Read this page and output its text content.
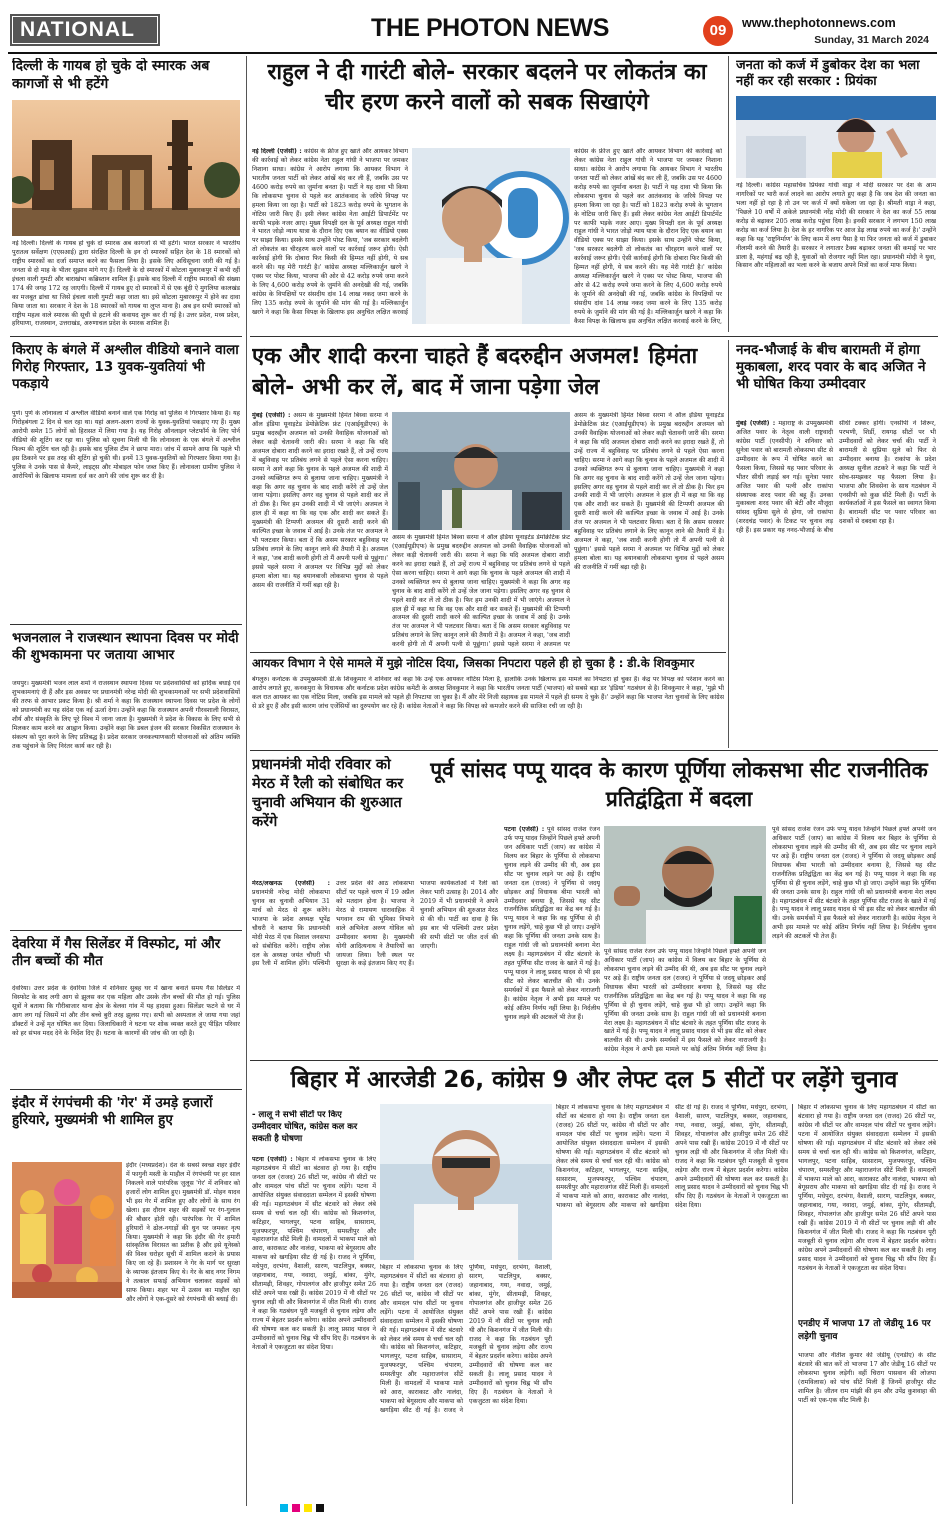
NATIONAL	THE PHOTON NEWS	09	www.thephotonnews.com
Sunday, 31 March 2024
दिल्ली के गायब हो चुके दो स्मारक अब कागजों से भी हटेंगे
नई दिल्ली। दिल्ली के गायब हो चुके दो स्मारक अब कागजों से भी हटेंगे। भारत सरकार ने भारतीय पुरातत्व सर्वेक्षण (एएसआई) द्वारा संरक्षित दिल्ली के इन दो स्मारकों सहित देश के 18 स्मारकों को राष्ट्रीय स्मारकों का दर्जा समाप्त करने का फैसला लिया है। इसके लिए अधिसूचना जारी की गई है। जनता से दो माह के भीतर सुझाव मांगे गए हैं। दिल्ली के दो स्मारकों में कोटला मुबारकपुर में कभी रहीं इंचला वाली गुमटी और बाराखंभा कब्रिस्तान शामिल हैं। इसके बाद दिल्ली में राष्ट्रीय स्मारकों की संख्या 174 की जगह 172 रह जाएगी। दिल्ली में गायब हुए दो स्मारकों में से एक बूंदी ऐ मुगलिया कालखंड का मजबूत ढांचा था जिसे इंचला वाली गुमटी कहा जाता था। इसे कोटला मुबारकपुर में होने का दावा किया जाता था। सरकार ने देश के 18 स्मारकों को गायब या लुप्त माना है। अब इन सभी स्मारकों को राष्ट्रीय महत्व वाले स्मारक की सूची से हटाने की कवायद शुरू कर दी गई है। उत्तर प्रदेश, मध्य प्रदेश, हरियाणा, राजस्थान, उत्तराखंड, अरुणाचल प्रदेश के स्मारक शामिल हैं।
किराए के बंगले में अश्लील वीडियो बनाने वाला गिरोह गिरफ्तार, 13 युवक-युवतियां भी पकड़ाये
पुणे। पुणे के लोनावला में अश्लील वीडियो बनाने वाले एक गिरोह को पुलिस ने गिरफ्तार किया है। यह गिरोहबंगला 2 दिन से चल रहा था। यहां अलग-अलग राज्यों के युवक-युवतियां पकड़ाए गए हैं। मुख्य आरोपी समेत 15 लोगों को हिरासत में लिया गया है। यह गिरोह ऑनलाइन प्लेटफॉर्म के लिए पोर्न वीडियो की शूटिंग कर रहा था। पुलिस को सूचना मिली थी कि लोनावला के एक बंगले में अश्लील फिल्म की शूटिंग चल रही है। इसके बाद पुलिस टीम ने छापा मारा। जांच में सामने आया कि पहले भी इस ठिकाने पर इस तरह की शूटिंग हो चुकी थी। इनमें 13 युवक-युवतियों को गिरफ्तार किया गया है। पुलिस ने उनके पास से कैमरे, लाइट्स और मोबाइल फोन जब्त किए हैं। लोनावला ग्रामीण पुलिस ने आरोपियों के खिलाफ मामला दर्ज कर आगे की जांच शुरू कर दी है।
भजनलाल ने राजस्थान स्थापना दिवस पर मोदी की शुभकामना पर जताया आभार
जयपुर। मुख्यमंत्री भजन लाल शर्मा ने राजस्थान स्थापना दिवस पर प्रदेशवासियों को हार्दिक बधाई एवं शुभकामनाएं दी हैं और इस अवसर पर प्रधानमंत्री नरेन्द्र मोदी की शुभकामनाओं पर सभी प्रदेशवासियों की तरफ से आभार प्रकट किया है। श्री शर्मा ने कहा कि राजस्थान स्थापना दिवस पर प्रदेश के लोगों को प्रधानमंत्री का यह संदेश एक नई ऊर्जा देगा। उन्होंने कहा कि राजस्थान अपनी गौरवशाली विरासत, शौर्य और संस्कृति के लिए पूरे विश्व में जाना जाता है। मुख्यमंत्री ने प्रदेश के विकास के लिए सभी से मिलकर काम करने का आह्वान किया। उन्होंने कहा कि डबल इंजन की सरकार विकसित राजस्थान के संकल्प को पूरा करने के लिए प्रतिबद्ध है। प्रदेश सरकार जनकल्याणकारी योजनाओं को अंतिम व्यक्ति तक पहुंचाने के लिए निरंतर कार्य कर रही है।
देवरिया में गैस सिलेंडर में विस्फोट, मां और तीन बच्चों की मौत
देवरिया। उत्तर प्रदेश के देवरिया जिले में शनिवार सुबह घर में खाना बनाते समय गैस सिलेंडर में विस्फोट के बाद लगी आग से झुलस कर एक महिला और उसके तीन बच्चों की मौत हो गई। पुलिस सूत्रों ने बताया कि गौरीबाजार थाना क्षेत्र के बेलवा गांव में यह हादसा हुआ। सिलेंडर फटने से घर में आग लग गई जिसमें मां और तीन बच्चे बुरी तरह झुलस गए। सभी को अस्पताल ले जाया गया जहां डॉक्टरों ने उन्हें मृत घोषित कर दिया। जिलाधिकारी ने घटना पर शोक व्यक्त करते हुए पीड़ित परिवार को हर संभव मदद देने के निर्देश दिए हैं। घटना के कारणों की जांच की जा रही है।
इंदौर में रंगपंचमी की 'गेर' में उमड़े हजारों हुरियारे, मुख्यमंत्री भी शामिल हुए
इंदौर (मध्यप्रदेश)। देश के सबसे स्वच्छ शहर इंदौर में फागुनी मस्ती के माहौल में रंगपंचमी पर हर साल निकलने वाले पारंपरिक जुलूस 'गेर' में शनिवार को हजारों लोग शामिल हुए। मुख्यमंत्री डॉ. मोहन यादव भी इस गेर में शामिल हुए और लोगों के साथ रंग खेला। इस दौरान शहर की सड़कों पर रंग-गुलाल की बौछार होती रही। पारंपरिक गेर में शामिल हुरियारों ने ढोल-नगाड़ों की धुन पर जमकर नृत्य किया। मुख्यमंत्री ने कहा कि इंदौर की गेर हमारी सांस्कृतिक विरासत का प्रतीक है और इसे यूनेस्को की विश्व धरोहर सूची में शामिल कराने के प्रयास किए जा रहे हैं। प्रशासन ने गेर के मार्ग पर सुरक्षा के व्यापक इंतजाम किए थे। गेर के बाद नगर निगम ने तत्काल सफाई अभियान चलाकर सड़कों को साफ किया। शहर भर में उत्सव का माहौल रहा और लोगों ने एक-दूसरे को रंगपंचमी की बधाई दी।
राहुल ने दी गारंटी बोले- सरकार बदलने पर लोकतंत्र का चीर हरण करने वालों को सबक सिखाएंगे
नई दिल्ली (एजेंसी) : कांग्रेस के फ्रीज हुए खाते और आयकर विभाग की कार्रवाई को लेकर कांग्रेस नेता राहुल गांधी ने भाजपा पर जमकर निशाना साधा। कांग्रेस ने आरोप लगाया कि आयकर विभाग ने भारतीय जनता पार्टी को लेकर आंखें बंद कर ली हैं, जबकि उस पर 4600 करोड़ रुपये का जुर्माना बनता है। पार्टी ने यह दावा भी किया कि लोकसभा चुनाव से पहले कर आतंकवाद के जरिये विपक्ष पर हमला किया जा रहा है। पार्टी को 1823 करोड़ रुपये के भुगतान के नोटिस जारी किए हैं। इसी लेकर कांग्रेस नेता आईटी डिपार्टमेंट पर काफी भड़के नजर आए। मुख्य विपक्षी दल के पूर्व अध्यक्ष राहुल गांधी ने भारत जोड़ो न्याय यात्रा के दौरान दिए एक बयान का वीडियो एक्स पर साझा किया। इसके साथ उन्होंने पोस्ट किया, 'जब सरकार बदलेगी तो लोकतंत्र का चीरहरण करने वालों पर कार्रवाई जरूर होगी। ऐसी कार्रवाई होगी कि दोबारा फिर किसी की हिम्मत नहीं होगी, ये सब करने की। यह मेरी गारंटी है।' कांग्रेस अध्यक्ष मल्लिकार्जुन खरगे ने एक्स पर पोस्ट किया, भाजपा की ओर से 42 करोड़ रुपये जमा करने के लिए 4,600 करोड़ रुपये के जुर्माने की अनदेखी की गई, जबकि कांग्रेस के विपक्षियों पर संसदीय दांव 14 लाख नकद जमा करने के लिए 135 करोड़ रुपये के जुर्माने की मांग की गई है। मल्लिकार्जुन खरगे ने कहा कि कैसा विपक्ष के खिलाफ इस अनुचित लक्षित करवाई
कांग्रेस के फ्रीज हुए खाते और आयकर विभाग की कार्रवाई को लेकर कांग्रेस नेता राहुल गांधी ने भाजपा पर जमकर निशाना साधा। कांग्रेस ने आरोप लगाया कि आयकर विभाग ने भारतीय जनता पार्टी को लेकर आंखें बंद कर ली हैं, जबकि उस पर 4600 करोड़ रुपये का जुर्माना बनता है। पार्टी ने यह दावा भी किया कि लोकसभा चुनाव से पहले कर आतंकवाद के जरिये विपक्ष पर हमला किया जा रहा है। पार्टी को 1823 करोड़ रुपये के भुगतान के नोटिस जारी किए हैं। इसी लेकर कांग्रेस नेता आईटी डिपार्टमेंट पर काफी भड़के नजर आए। मुख्य विपक्षी दल के पूर्व अध्यक्ष राहुल गांधी ने भारत जोड़ो न्याय यात्रा के दौरान दिए एक बयान का वीडियो एक्स पर साझा किया। इसके साथ उन्होंने पोस्ट किया, 'जब सरकार बदलेगी तो लोकतंत्र का चीरहरण करने वालों पर कार्रवाई जरूर होगी। ऐसी कार्रवाई होगी कि दोबारा फिर किसी की हिम्मत नहीं होगी, ये सब करने की। यह मेरी गारंटी है।' कांग्रेस अध्यक्ष मल्लिकार्जुन खरगे ने एक्स पर पोस्ट किया, भाजपा की ओर से 42 करोड़ रुपये जमा करने के लिए 4,600 करोड़ रुपये के जुर्माने की अनदेखी की गई, जबकि कांग्रेस के विपक्षियों पर संसदीय दांव 14 लाख नकद जमा करने के लिए 135 करोड़ रुपये के जुर्माने की मांग की गई है। मल्लिकार्जुन खरगे ने कहा कि कैसा विपक्ष के खिलाफ इस अनुचित लक्षित करवाई करने के लिए,
जनता को कर्ज में डुबोकर देश का भला नहीं कर रही सरकार : प्रियंका
नई दिल्ली। कांग्रेस महासचिव प्रियंका गांधी वाड्रा ने मोदी सरकार पर देश के आम नागरिकों पर भारी कर्ज लादने का आरोप लगाते हुए कहा है कि जब देश की जनता का भला नहीं हो रहा है तो उन पर कर्ज में क्यों धकेला जा रहा है। श्रीमती वाड्रा ने कहा, 'पिछले 10 वर्षों में अकेले प्रधानमंत्री नरेंद्र मोदी की सरकार ने देश का कर्ज 55 लाख करोड़ से बढ़ाकर 205 लाख करोड़ पहुंचा दिया है। इनकी सरकार ने लगभग 150 लाख करोड़ का कर्ज लिया है। देश के हर नागरिक पर आज डेढ़ लाख रुपये का कर्ज है।' उन्होंने कहा कि यह 'राष्ट्रनिर्माण' के लिए काम में लगा पैसा है या फिर जनता को कर्ज में डुबाकर नीलामी करने की तैयारी है। सरकार ने लगातार टैक्स बढ़ाकर जनता की कमाई पर भार डाला है, महंगाई बढ़ रही है, युवाओं को रोजगार नहीं मिल रहा। प्रधानमंत्री मोदी ने युवा, किसान और महिलाओं का भला करने के बजाय अपने मित्रों का कर्ज माफ किया।
एक और शादी करना चाहते हैं बदरुद्दीन अजमल! हिमंता बोले- अभी कर लें, बाद में जाना पड़ेगा जेल
मुंबई (एजेंसी) : असम के मुख्यमंत्री हिमंत बिस्वा सरमा ने ऑल इंडिया यूनाइटेड डेमोक्रेटिक फ्रंट (एआईयूडीएफ) के प्रमुख बदरुद्दीन अजमल को उनकी वैवाहिक योजनाओं को लेकर कड़ी चेतावनी जारी की। सरमा ने कहा कि यदि अजमल दोबारा शादी करने का इरादा रखते हैं, तो उन्हें राज्य में बहुविवाह पर प्रतिबंध लगने से पहले ऐसा करना चाहिए। सरमा ने आगे कहा कि चुनाव के पहले अजमल की शादी में उनको व्यक्तिगत रूप से बुलाया जाना चाहिए। मुख्यमंत्री ने कहा कि अगर वह चुनाव के बाद शादी करेंगे तो उन्हें जेल जाना पड़ेगा। इसलिए अगर वह चुनाव से पहले शादी कर लें तो ठीक है। फिर हम उनकी शादी में भी जाएंगे। अजमल ने हाल ही में कहा था कि वह एक और शादी कर सकते हैं। मुख्यमंत्री की टिप्पणी अजमल की दूसरी शादी करने की काल्पित इच्छा के जवाब में आई है। उनके तंज पर अजमल ने भी पलटवार किया। बता दें कि असम सरकार बहुविवाह पर प्रतिबंध लगाने के लिए कानून लाने की तैयारी में है। अजमल ने कहा, 'जब शादी करनी होगी तो मैं अपनी पत्नी से पूछूंगा।' इससे पहले सरमा ने अजमल पर विभिन्न मुद्दों को लेकर हमला बोला था। यह बयानबाजी लोकसभा चुनाव से पहले असम की राजनीति में गर्मी बढ़ा रही है।
असम के मुख्यमंत्री हिमंत बिस्वा सरमा ने ऑल इंडिया यूनाइटेड डेमोक्रेटिक फ्रंट (एआईयूडीएफ) के प्रमुख बदरुद्दीन अजमल को उनकी वैवाहिक योजनाओं को लेकर कड़ी चेतावनी जारी की। सरमा ने कहा कि यदि अजमल दोबारा शादी करने का इरादा रखते हैं, तो उन्हें राज्य में बहुविवाह पर प्रतिबंध लगने से पहले ऐसा करना चाहिए। सरमा ने आगे कहा कि चुनाव के पहले अजमल की शादी में उनको व्यक्तिगत रूप से बुलाया जाना चाहिए। मुख्यमंत्री ने कहा कि अगर वह चुनाव के बाद शादी करेंगे तो उन्हें जेल जाना पड़ेगा। इसलिए अगर वह चुनाव से पहले शादी कर लें तो ठीक है। फिर हम उनकी शादी में भी जाएंगे। अजमल ने हाल ही में कहा था कि वह एक और शादी कर सकते हैं। मुख्यमंत्री की टिप्पणी अजमल की दूसरी शादी करने की काल्पित इच्छा के जवाब में आई है। उनके तंज पर अजमल ने भी पलटवार किया। बता दें कि असम सरकार बहुविवाह पर प्रतिबंध लगाने के लिए कानून लाने की तैयारी में है। अजमल ने कहा, 'जब शादी करनी होगी तो मैं अपनी पत्नी से पूछूंगा।' इससे पहले सरमा ने अजमल पर
असम के मुख्यमंत्री हिमंत बिस्वा सरमा ने ऑल इंडिया यूनाइटेड डेमोक्रेटिक फ्रंट (एआईयूडीएफ) के प्रमुख बदरुद्दीन अजमल को उनकी वैवाहिक योजनाओं को लेकर कड़ी चेतावनी जारी की। सरमा ने कहा कि यदि अजमल दोबारा शादी करने का इरादा रखते हैं, तो उन्हें राज्य में बहुविवाह पर प्रतिबंध लगने से पहले ऐसा करना चाहिए। सरमा ने आगे कहा कि चुनाव के पहले अजमल की शादी में उनको व्यक्तिगत रूप से बुलाया जाना चाहिए। मुख्यमंत्री ने कहा कि अगर वह चुनाव के बाद शादी करेंगे तो उन्हें जेल जाना पड़ेगा। इसलिए अगर वह चुनाव से पहले शादी कर लें तो ठीक है। फिर हम उनकी शादी में भी जाएंगे। अजमल ने हाल ही में कहा था कि वह एक और शादी कर सकते हैं। मुख्यमंत्री की टिप्पणी अजमल की दूसरी शादी करने की काल्पित इच्छा के जवाब में आई है। उनके तंज पर अजमल ने भी पलटवार किया। बता दें कि असम सरकार बहुविवाह पर प्रतिबंध लगाने के लिए कानून लाने की तैयारी में है। अजमल ने कहा, 'जब शादी करनी होगी तो मैं अपनी पत्नी से पूछूंगा।' इससे पहले सरमा ने अजमल पर विभिन्न मुद्दों को लेकर हमला बोला था। यह बयानबाजी लोकसभा चुनाव से पहले असम की राजनीति में गर्मी बढ़ा रही है।
ननद-भौजाई के बीच बारामती में होगा मुकाबला, शरद पवार के बाद अजित ने भी घोषित किया उम्मीदवार
मुंबई (एजेंसी) : महाराष्ट्र के उपमुख्यमंत्री अजित पवार के नेतृत्व वाली राष्ट्रवादी कांग्रेस पार्टी (एनसीपी) ने शनिवार को सुनेत्रा पवार को बारामती लोकसभा सीट से उम्मीदवार के रूप में घोषित करने का फैसला किया, जिससे यह पवार परिवार के भीतर सीधी लड़ाई बन गई। सुनेत्रा पवार अजित पवार की पत्नी और राकांपा संस्थापक शरद पवार की बहू हैं। उनका मुकाबला शरद पवार की बेटी और मौजूदा सांसद सुप्रिया सुले से होगा, जो राकांपा (शरदचंद्र पवार) के टिकट पर चुनाव लड़ रही हैं। इस प्रकार यह ननद-भौजाई के बीच सीधी टक्कर होगी। एनसीपी ने शिरूर, परभणी, शिर्डी, रायगढ़ सीटों पर भी उम्मीदवारों को लेकर चर्चा की। पार्टी ने बारामती से सुप्रिया सुले को फिर से उम्मीदवार बनाया है। राकांपा के प्रदेश अध्यक्ष सुनील तटकरे ने कहा कि पार्टी ने सोच-समझकर यह फैसला लिया है। भाजपा और शिवसेना के साथ गठबंधन में एनसीपी को कुछ सीटें मिली हैं। पार्टी के कार्यकर्ताओं ने इस फैसले का स्वागत किया है। बारामती सीट पर पवार परिवार का दशकों से दबदबा रहा है।
आयकर विभाग ने ऐसे मामले में मुझे नोटिस दिया, जिसका निपटारा पहले ही हो चुका है : डी.के शिवकुमार
बेंगलुरु। कर्नाटक के उपमुख्यमंत्री डी.के शिवकुमार ने शनिवार को कहा कि उन्हें एक आयकर नोटिस मिला है, हालांकि उनके खिलाफ इस मामले का निपटारा हो चुका है। केंद्र पर विपक्ष को परेशान करने का आरोप लगाते हुए, कनकपुरा के विधायक और कर्नाटक प्रदेश कांग्रेस कमेटी के अध्यक्ष शिवकुमार ने कहा कि भारतीय जनता पार्टी (भाजपा) को सबसे बड़ा डर 'इंडिया' गठबंधन से है। शिवकुमार ने कहा, 'मुझे भी कल रात आयकर का एक नोटिस मिला, जबकि इस मामले को पहले ही निपटाया जा चुका है। मैं और मेरे निजी सहायक इस मामले में पहले ही समय दे चुके हैं।' उन्होंने कहा कि भाजपा नेता चुनावों के लिए कांग्रेस से डरे हुए हैं और इसी कारण जांच एजेंसियों का दुरुपयोग कर रहे हैं। कांग्रेस नेताओं ने कहा कि विपक्ष को कमजोर करने की साजिश रची जा रही है।
प्रधानमंत्री मोदी रविवार को मेरठ में रैली को संबोधित कर चुनावी अभियान की शुरुआत करेंगे
मेरठ/लखनऊ (एजेंसी) : प्रधानमंत्री नरेन्द्र मोदी लोकसभा चुनाव का चुनावी अभियान 31 मार्च को मेरठ से शुरू करेंगे। भाजपा के प्रदेश अध्यक्ष भूपेंद्र चौधरी ने बताया कि प्रधानमंत्री मोदी मेरठ में एक विशाल जनसभा को संबोधित करेंगे। राष्ट्रीय लोक दल के अध्यक्ष जयंत चौधरी भी इस रैली में शामिल होंगे। पश्चिमी उत्तर प्रदेश की आठ लोकसभा सीटों पर पहले चरण में 19 अप्रैल को मतदान होना है। भाजपा ने मेरठ से रामायण धारावाहिक में भगवान राम की भूमिका निभाने वाले अभिनेता अरुण गोविल को उम्मीदवार बनाया है। मुख्यमंत्री योगी आदित्यनाथ ने तैयारियों का जायजा लिया। रैली स्थल पर सुरक्षा के कड़े इंतजाम किए गए हैं। भाजपा कार्यकर्ताओं में रैली को लेकर भारी उत्साह है। 2014 और 2019 में भी प्रधानमंत्री ने अपने चुनावी अभियान की शुरुआत मेरठ से की थी। पार्टी का दावा है कि इस बार भी पश्चिमी उत्तर प्रदेश की सभी सीटों पर जीत दर्ज की जाएगी।
पूर्व सांसद पप्पू यादव के कारण पूर्णिया लोकसभा सीट राजनीतिक प्रतिद्वंद्विता में बदला
पटना (एजेंसी) : पूर्व सांसद राजेश रंजन उर्फ पप्पू यादव जिन्होंने पिछले हफ्ते अपनी जन अधिकार पार्टी (जाप) का कांग्रेस में विलय कर बिहार के पूर्णिया से लोकसभा चुनाव लड़ने की उम्मीद की थी, अब इस सीट पर चुनाव लड़ने पर अड़े हैं। राष्ट्रीय जनता दल (राजद) ने पूर्णिया से जदयू छोड़कर आईं विधायक बीमा भारती को उम्मीदवार बनाया है, जिससे यह सीट राजनीतिक प्रतिद्वंद्विता का केंद्र बन गई है। पप्पू यादव ने कहा कि वह पूर्णिया से ही चुनाव लड़ेंगे, चाहे कुछ भी हो जाए। उन्होंने कहा कि पूर्णिया की जनता उनके साथ है। राहुल गांधी जी को प्रधानमंत्री बनाना मेरा लक्ष्य है। महागठबंधन में सीट बंटवारे के तहत पूर्णिया सीट राजद के खाते में गई है। पप्पू यादव ने लालू प्रसाद यादव से भी इस सीट को लेकर बातचीत की थी। उनके समर्थकों में इस फैसले को लेकर नाराजगी है। कांग्रेस नेतृत्व ने अभी इस मामले पर कोई अंतिम निर्णय नहीं लिया है। निर्दलीय चुनाव लड़ने की अटकलें भी तेज हैं।
पूर्व सांसद राजेश रंजन उर्फ पप्पू यादव जिन्होंने पिछले हफ्ते अपनी जन अधिकार पार्टी (जाप) का कांग्रेस में विलय कर बिहार के पूर्णिया से लोकसभा चुनाव लड़ने की उम्मीद की थी, अब इस सीट पर चुनाव लड़ने पर अड़े हैं। राष्ट्रीय जनता दल (राजद) ने पूर्णिया से जदयू छोड़कर आईं विधायक बीमा भारती को उम्मीदवार बनाया है, जिससे यह सीट राजनीतिक प्रतिद्वंद्विता का केंद्र बन गई है। पप्पू यादव ने कहा कि वह पूर्णिया से ही चुनाव लड़ेंगे, चाहे कुछ भी हो जाए। उन्होंने कहा कि पूर्णिया की जनता उनके साथ है। राहुल गांधी जी को प्रधानमंत्री बनाना मेरा लक्ष्य है। महागठबंधन में सीट बंटवारे के तहत पूर्णिया सीट राजद के खाते में गई है। पप्पू यादव ने लालू प्रसाद यादव से भी इस सीट को लेकर बातचीत की थी। उनके समर्थकों में इस फैसले को लेकर नाराजगी है। कांग्रेस नेतृत्व ने अभी इस मामले पर कोई अंतिम निर्णय नहीं लिया है।
पूर्व सांसद राजेश रंजन उर्फ पप्पू यादव जिन्होंने पिछले हफ्ते अपनी जन अधिकार पार्टी (जाप) का कांग्रेस में विलय कर बिहार के पूर्णिया से लोकसभा चुनाव लड़ने की उम्मीद की थी, अब इस सीट पर चुनाव लड़ने पर अड़े हैं। राष्ट्रीय जनता दल (राजद) ने पूर्णिया से जदयू छोड़कर आईं विधायक बीमा भारती को उम्मीदवार बनाया है, जिससे यह सीट राजनीतिक प्रतिद्वंद्विता का केंद्र बन गई है। पप्पू यादव ने कहा कि वह पूर्णिया से ही चुनाव लड़ेंगे, चाहे कुछ भी हो जाए। उन्होंने कहा कि पूर्णिया की जनता उनके साथ है। राहुल गांधी जी को प्रधानमंत्री बनाना मेरा लक्ष्य है। महागठबंधन में सीट बंटवारे के तहत पूर्णिया सीट राजद के खाते में गई है। पप्पू यादव ने लालू प्रसाद यादव से भी इस सीट को लेकर बातचीत की थी। उनके समर्थकों में इस फैसले को लेकर नाराजगी है। कांग्रेस नेतृत्व ने अभी इस मामले पर कोई अंतिम निर्णय नहीं लिया है। निर्दलीय चुनाव लड़ने की अटकलें भी तेज हैं।
बिहार में आरजेडी 26, कांग्रेस 9 और लेफ्ट दल 5 सीटों पर लड़ेंगे चुनाव
- लालू ने सभी सीटों पर किए उम्मीदवार घोषित, कांग्रेस कल कर सकती है घोषणा
पटना (एजेंसी) : बिहार में लोकसभा चुनाव के लिए महागठबंधन में सीटों का बंटवारा हो गया है। राष्ट्रीय जनता दल (राजद) 26 सीटों पर, कांग्रेस नौ सीटों पर और वामदल पांच सीटों पर चुनाव लड़ेंगे। पटना में आयोजित संयुक्त संवाददाता सम्मेलन में इसकी घोषणा की गई। महागठबंधन में सीट बंटवारे को लेकर लंबे समय से चर्चा चल रही थी। कांग्रेस को किशनगंज, कटिहार, भागलपुर, पटना साहिब, सासाराम, मुजफ्फरपुर, पश्चिम चंपारण, समस्तीपुर और महाराजगंज सीटें मिली हैं। वामदलों में भाकपा माले को आरा, काराकाट और नालंदा, भाकपा को बेगूसराय और माकपा को खगड़िया सीट दी गई है। राजद ने पूर्णिया, मधेपुरा, दरभंगा, वैशाली, सारण, पाटलिपुत्र, बक्सर, जहानाबाद, गया, नवादा, जमुई, बांका, मुंगेर, सीतामढ़ी, शिवहर, गोपालगंज और हाजीपुर समेत 26 सीटें अपने पास रखी हैं। कांग्रेस 2019 में नौ सीटों पर चुनाव लड़ी थी और किशनगंज में जीत मिली थी। राजद ने कहा कि गठबंधन पूरी मजबूती से चुनाव लड़ेगा और राज्य में बेहतर प्रदर्शन करेगा। कांग्रेस अपने उम्मीदवारों की घोषणा कल कर सकती है। लालू प्रसाद यादव ने उम्मीदवारों को चुनाव चिह्न भी सौंप दिए हैं। गठबंधन के नेताओं ने एकजुटता का संदेश दिया।
बिहार में लोकसभा चुनाव के लिए महागठबंधन में सीटों का बंटवारा हो गया है। राष्ट्रीय जनता दल (राजद) 26 सीटों पर, कांग्रेस नौ सीटों पर और वामदल पांच सीटों पर चुनाव लड़ेंगे। पटना में आयोजित संयुक्त संवाददाता सम्मेलन में इसकी घोषणा की गई। महागठबंधन में सीट बंटवारे को लेकर लंबे समय से चर्चा चल रही थी। कांग्रेस को किशनगंज, कटिहार, भागलपुर, पटना साहिब, सासाराम, मुजफ्फरपुर, पश्चिम चंपारण, समस्तीपुर और महाराजगंज सीटें मिली हैं। वामदलों में भाकपा माले को आरा, काराकाट और नालंदा, भाकपा को बेगूसराय और माकपा को खगड़िया सीट दी गई है। राजद ने पूर्णिया, मधेपुरा, दरभंगा, वैशाली, सारण, पाटलिपुत्र, बक्सर, जहानाबाद, गया, नवादा, जमुई, बांका, मुंगेर, सीतामढ़ी, शिवहर, गोपालगंज और हाजीपुर समेत 26 सीटें अपने पास रखी हैं। कांग्रेस 2019 में नौ सीटों पर चुनाव लड़ी थी और किशनगंज में जीत मिली थी। राजद ने कहा कि गठबंधन पूरी मजबूती से चुनाव लड़ेगा और राज्य में बेहतर प्रदर्शन करेगा। कांग्रेस अपने उम्मीदवारों की घोषणा कल कर सकती है। लालू प्रसाद यादव ने उम्मीदवारों को चुनाव चिह्न भी सौंप दिए हैं। गठबंधन के नेताओं ने एकजुटता का संदेश दिया।
बिहार में लोकसभा चुनाव के लिए महागठबंधन में सीटों का बंटवारा हो गया है। राष्ट्रीय जनता दल (राजद) 26 सीटों पर, कांग्रेस नौ सीटों पर और वामदल पांच सीटों पर चुनाव लड़ेंगे। पटना में आयोजित संयुक्त संवाददाता सम्मेलन में इसकी घोषणा की गई। महागठबंधन में सीट बंटवारे को लेकर लंबे समय से चर्चा चल रही थी। कांग्रेस को किशनगंज, कटिहार, भागलपुर, पटना साहिब, सासाराम, मुजफ्फरपुर, पश्चिम चंपारण, समस्तीपुर और महाराजगंज सीटें मिली हैं। वामदलों में भाकपा माले को आरा, काराकाट और नालंदा, भाकपा को बेगूसराय और माकपा को खगड़िया सीट दी गई है। राजद ने पूर्णिया, मधेपुरा, दरभंगा, वैशाली, सारण, पाटलिपुत्र, बक्सर, जहानाबाद, गया, नवादा, जमुई, बांका, मुंगेर, सीतामढ़ी, शिवहर, गोपालगंज और हाजीपुर समेत 26 सीटें अपने पास रखी हैं। कांग्रेस 2019 में नौ सीटों पर चुनाव लड़ी थी और किशनगंज में जीत मिली थी। राजद ने कहा कि गठबंधन पूरी मजबूती से चुनाव लड़ेगा और राज्य में बेहतर प्रदर्शन करेगा। कांग्रेस अपने उम्मीदवारों की घोषणा कल कर सकती है। लालू प्रसाद यादव ने उम्मीदवारों को चुनाव चिह्न भी सौंप दिए हैं। गठबंधन के नेताओं ने एकजुटता का संदेश दिया।
एनडीए में भाजपा 17 तो जेडीयू 16 पर लड़ेगी चुनाव
भाजपा और नीतीश कुमार की जेडीयू (एनडीए) के सीट बंटवारे की बात करें तो भाजपा 17 और जेडीयू 16 सीटों पर लोकसभा चुनाव लड़ेगी। वहीं चिराग पासवान की लोजपा (रामविलास) को पांच सीटें मिली हैं जिनमें हाजीपुर सीट शामिल है। जीतन राम मांझी की हम और उपेंद्र कुशवाहा की पार्टी को एक-एक सीट मिली है।
बिहार में लोकसभा चुनाव के लिए महागठबंधन में सीटों का बंटवारा हो गया है। राष्ट्रीय जनता दल (राजद) 26 सीटों पर, कांग्रेस नौ सीटों पर और वामदल पांच सीटों पर चुनाव लड़ेंगे। पटना में आयोजित संयुक्त संवाददाता सम्मेलन में इसकी घोषणा की गई। महागठबंधन में सीट बंटवारे को लेकर लंबे समय से चर्चा चल रही थी। कांग्रेस को किशनगंज, कटिहार, भागलपुर, पटना साहिब, सासाराम, मुजफ्फरपुर, पश्चिम चंपारण, समस्तीपुर और महाराजगंज सीटें मिली हैं। वामदलों में भाकपा माले को आरा, काराकाट और नालंदा, भाकपा को बेगूसराय और माकपा को खगड़िया सीट दी गई है। राजद ने पूर्णिया, मधेपुरा, दरभंगा, वैशाली, सारण, पाटलिपुत्र, बक्सर, जहानाबाद, गया, नवादा, जमुई, बांका, मुंगेर, सीतामढ़ी, शिवहर, गोपालगंज और हाजीपुर समेत 26 सीटें अपने पास रखी हैं। कांग्रेस 2019 में नौ सीटों पर चुनाव लड़ी थी और किशनगंज में जीत मिली थी। राजद ने कहा कि गठबंधन पूरी मजबूती से चुनाव लड़ेगा और राज्य में बेहतर प्रदर्शन करेगा। कांग्रेस अपने उम्मीदवारों की घोषणा कल कर सकती है। लालू प्रसाद यादव ने उम्मीदवारों को चुनाव चिह्न भी सौंप दिए हैं। गठबंधन के नेताओं ने एकजुटता का संदेश दिया।
